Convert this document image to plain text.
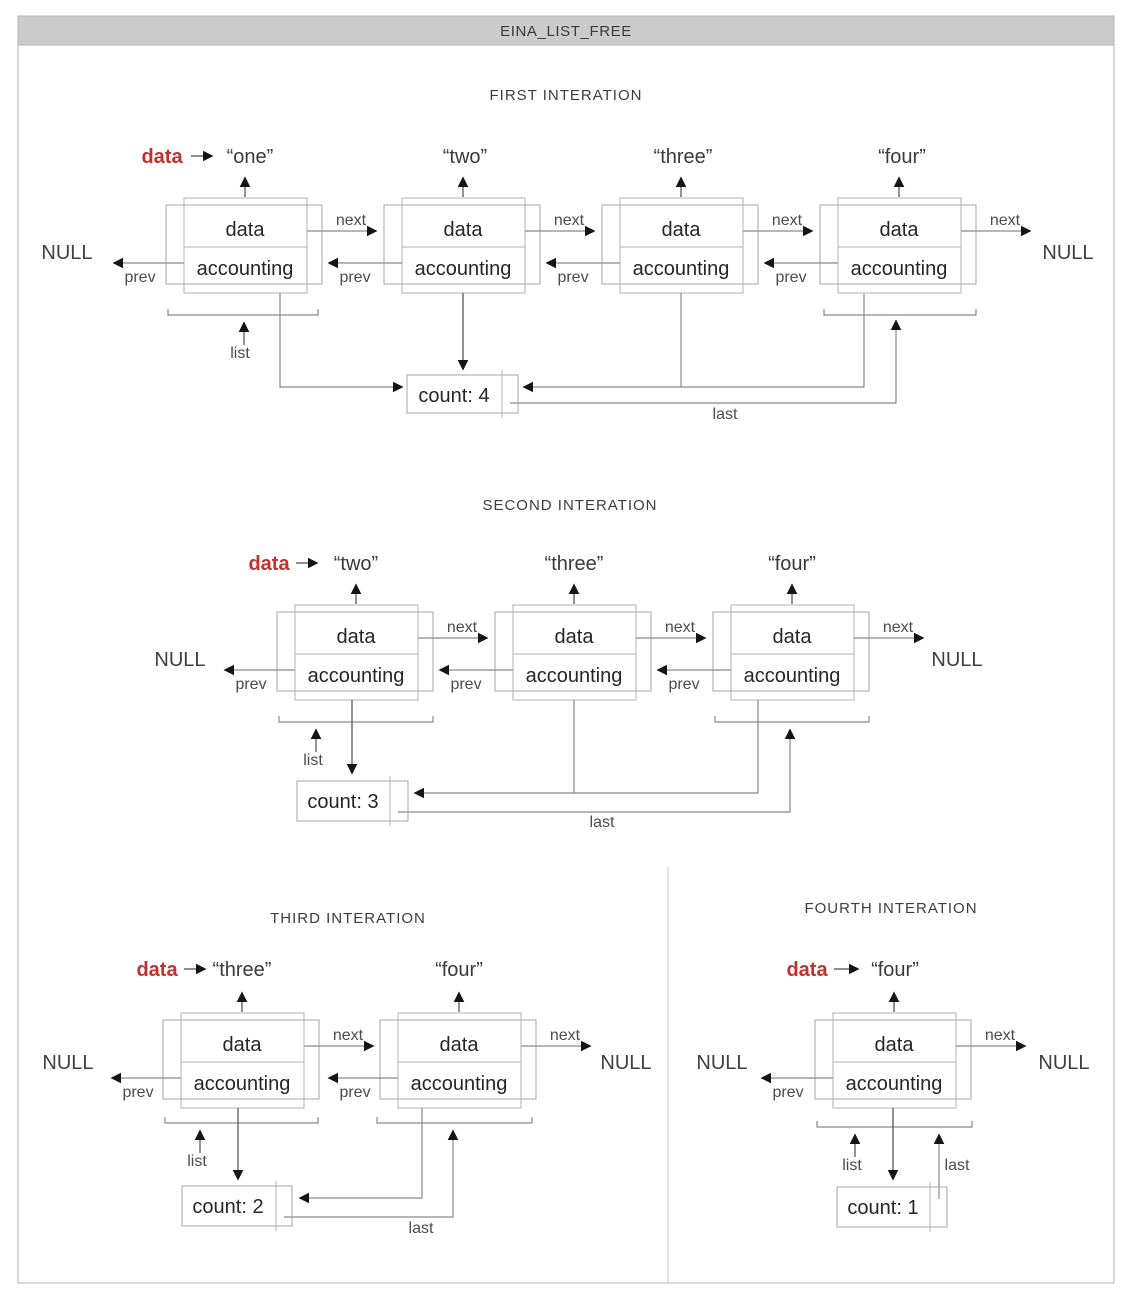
EINA_LIST_FREE
FIRST INTERATION
data “one”	“two”	“three”	“four”
data
accounting
data
accounting
data
accounting
data
accounting
next	next	next	next
prev	prev	prev	prev
NULL	NULL
list
last
count: 4
SECOND INTERATION
data “two”	“three”	“four”
data
accounting
data
accounting
data
accounting
next	next	next
prev	prev	prev
NULL	NULL
list
last
count: 3
THIRD INTERATION
data “three”	“four”
data
accounting
data
accounting
next	next
prev	prev
NULL	NULL
list
last
count: 2
FOURTH INTERATION
data “four”
data
accounting
next
prev
NULL	NULL
list	last
count: 1
